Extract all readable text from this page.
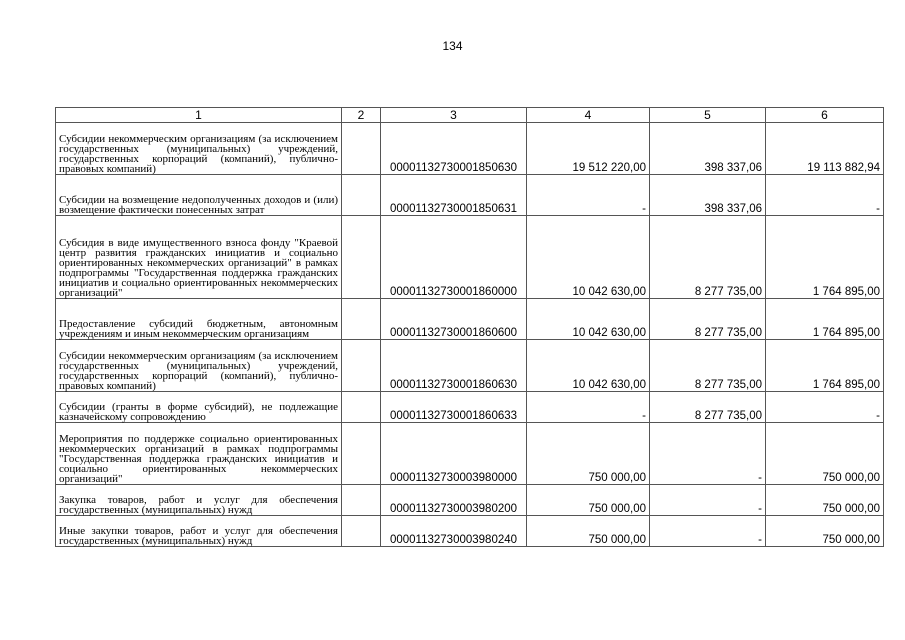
134
1	2	3	4	5	6
Субсидии некоммерческим организациям (за исключением государственных (муниципальных) учреждений, государственных корпораций (компаний), публично-правовых компаний)		00001132730001850630	19 512 220,00	398 337,06	19 113 882,94
Субсидии на возмещение недополученных доходов и (или) возмещение фактически понесенных затрат		00001132730001850631	-	398 337,06	-
Субсидия в виде имущественного взноса фонду "Краевой центр развития гражданских инициатив и социально ориентированных некоммерческих организаций" в рамках подпрограммы "Государственная поддержка гражданских инициатив и социально ориентированных некоммерческих организаций"		00001132730001860000	10 042 630,00	8 277 735,00	1 764 895,00
Предоставление субсидий бюджетным, автономным учреждениям и иным некоммерческим организациям		00001132730001860600	10 042 630,00	8 277 735,00	1 764 895,00
Субсидии некоммерческим организациям (за исключением государственных (муниципальных) учреждений, государственных корпораций (компаний), публично-правовых компаний)		00001132730001860630	10 042 630,00	8 277 735,00	1 764 895,00
Субсидии (гранты в форме субсидий), не подлежащие казначейскому сопровождению		00001132730001860633	-	8 277 735,00	-
Мероприятия по поддержке социально ориентированных некоммерческих организаций в рамках подпрограммы "Государственная поддержка гражданских инициатив и социально ориентированных некоммерческих организаций"		00001132730003980000	750 000,00	-	750 000,00
Закупка товаров, работ и услуг для обеспечения государственных (муниципальных) нужд		00001132730003980200	750 000,00	-	750 000,00
Иные закупки товаров, работ и услуг для обеспечения государственных (муниципальных) нужд		00001132730003980240	750 000,00	-	750 000,00
